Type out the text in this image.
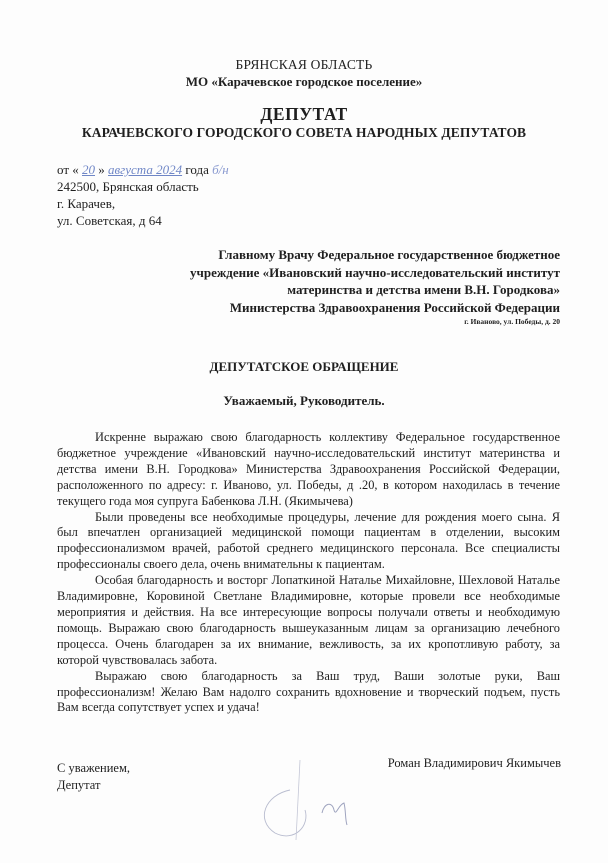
БРЯНСКАЯ ОБЛАСТЬ
МО «Карачевское городское поселение»
ДЕПУТАТ
КАРАЧЕВСКОГО ГОРОДСКОГО СОВЕТА НАРОДНЫХ ДЕПУТАТОВ
от « 20 » августа 2024 года б/н
242500, Брянская область
г. Карачев,
ул. Советская, д 64
Главному Врачу Федеральное государственное бюджетное
учреждение «Ивановский научно-исследовательский институт
материнства и детства имени В.Н. Городкова»
Министерства Здравоохранения Российской Федерации
г. Иваново, ул. Победы, д. 20
ДЕПУТАТСКОЕ ОБРАЩЕНИЕ
Уважаемый, Руководитель.

Искренне выражаю свою благодарность коллективу Федеральное государственное бюджетное учреждение «Ивановский научно-исследовательский институт материнства и детства имени В.Н. Городкова» Министерства Здравоохранения Российской Федерации, расположенного по адресу: г. Иваново, ул. Победы, д .20, в котором находилась в течение текущего года моя супруга Бабенкова Л.Н. (Якимычева)

Были проведены все необходимые процедуры, лечение для рождения моего сына. Я был впечатлен организацией медицинской помощи пациентам в отделении, высоким профессионализмом врачей, работой среднего медицинского персонала. Все специалисты профессионалы своего дела, очень внимательны к пациентам.

Особая благодарность и восторг Лопаткиной Наталье Михайловне, Шехловой Наталье Владимировне, Коровиной Светлане Владимировне, которые провели все необходимые мероприятия и действия. На все интересующие вопросы получали ответы и необходимую помощь. Выражаю свою благодарность вышеуказанным лицам за организацию лечебного процесса. Очень благодарен за их внимание, вежливость, за их кропотливую работу, за которой чувствовалась забота.

Выражаю свою благодарность за Ваш труд, Ваши золотые руки, Ваш профессионализм! Желаю Вам надолго сохранить вдохновение и творческий подъем, пусть Вам всегда сопутствует успех и удача!

С уважением,
Депутат
Роман Владимирович Якимычев
